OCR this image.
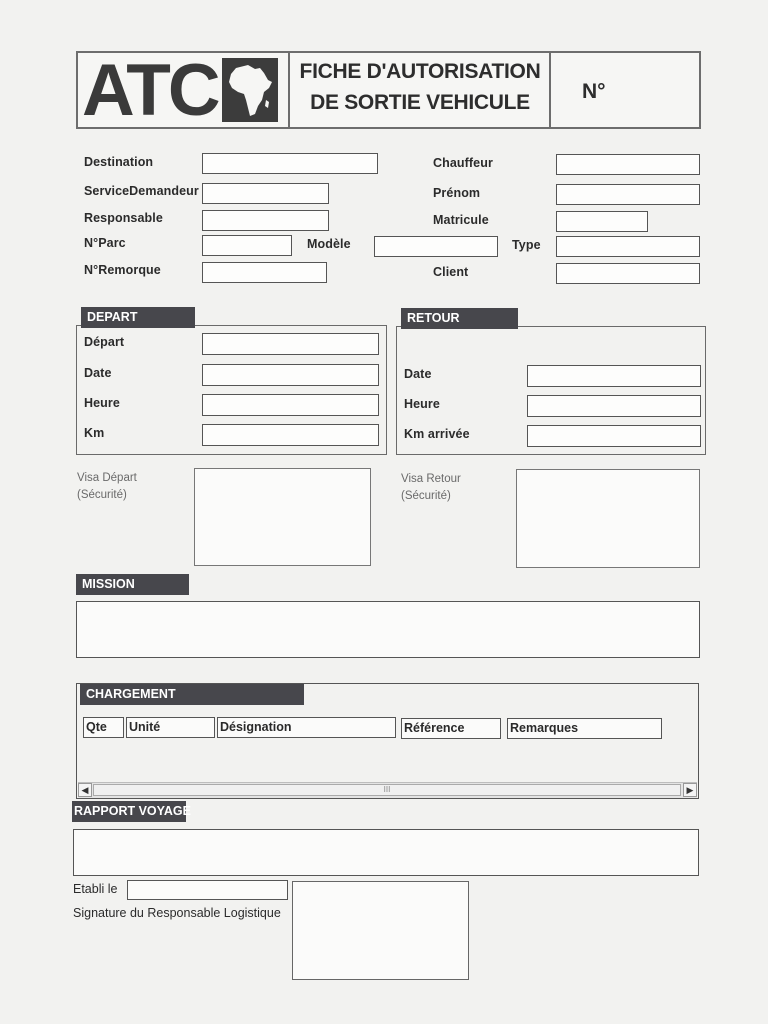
ATC	FICHE D'AUTORISATION
DE SORTIE VEHICULE	N°
Destination
ServiceDemandeur
Responsable
N°Parc	Modèle	Type
N°Remorque
Chauffeur
Prénom
Matricule
Client
DEPART
Départ
Date
Heure
Km
RETOUR
Date
Heure
Km arrivée
Visa Départ
(Sécurité)
Visa Retour
(Sécurité)
MISSION
CHARGEMENT
Qte	Unité	Désignation	Référence	Remarques
◀	III	▶
RAPPORT VOYAGE
Etabli le
Signature du Responsable Logistique
